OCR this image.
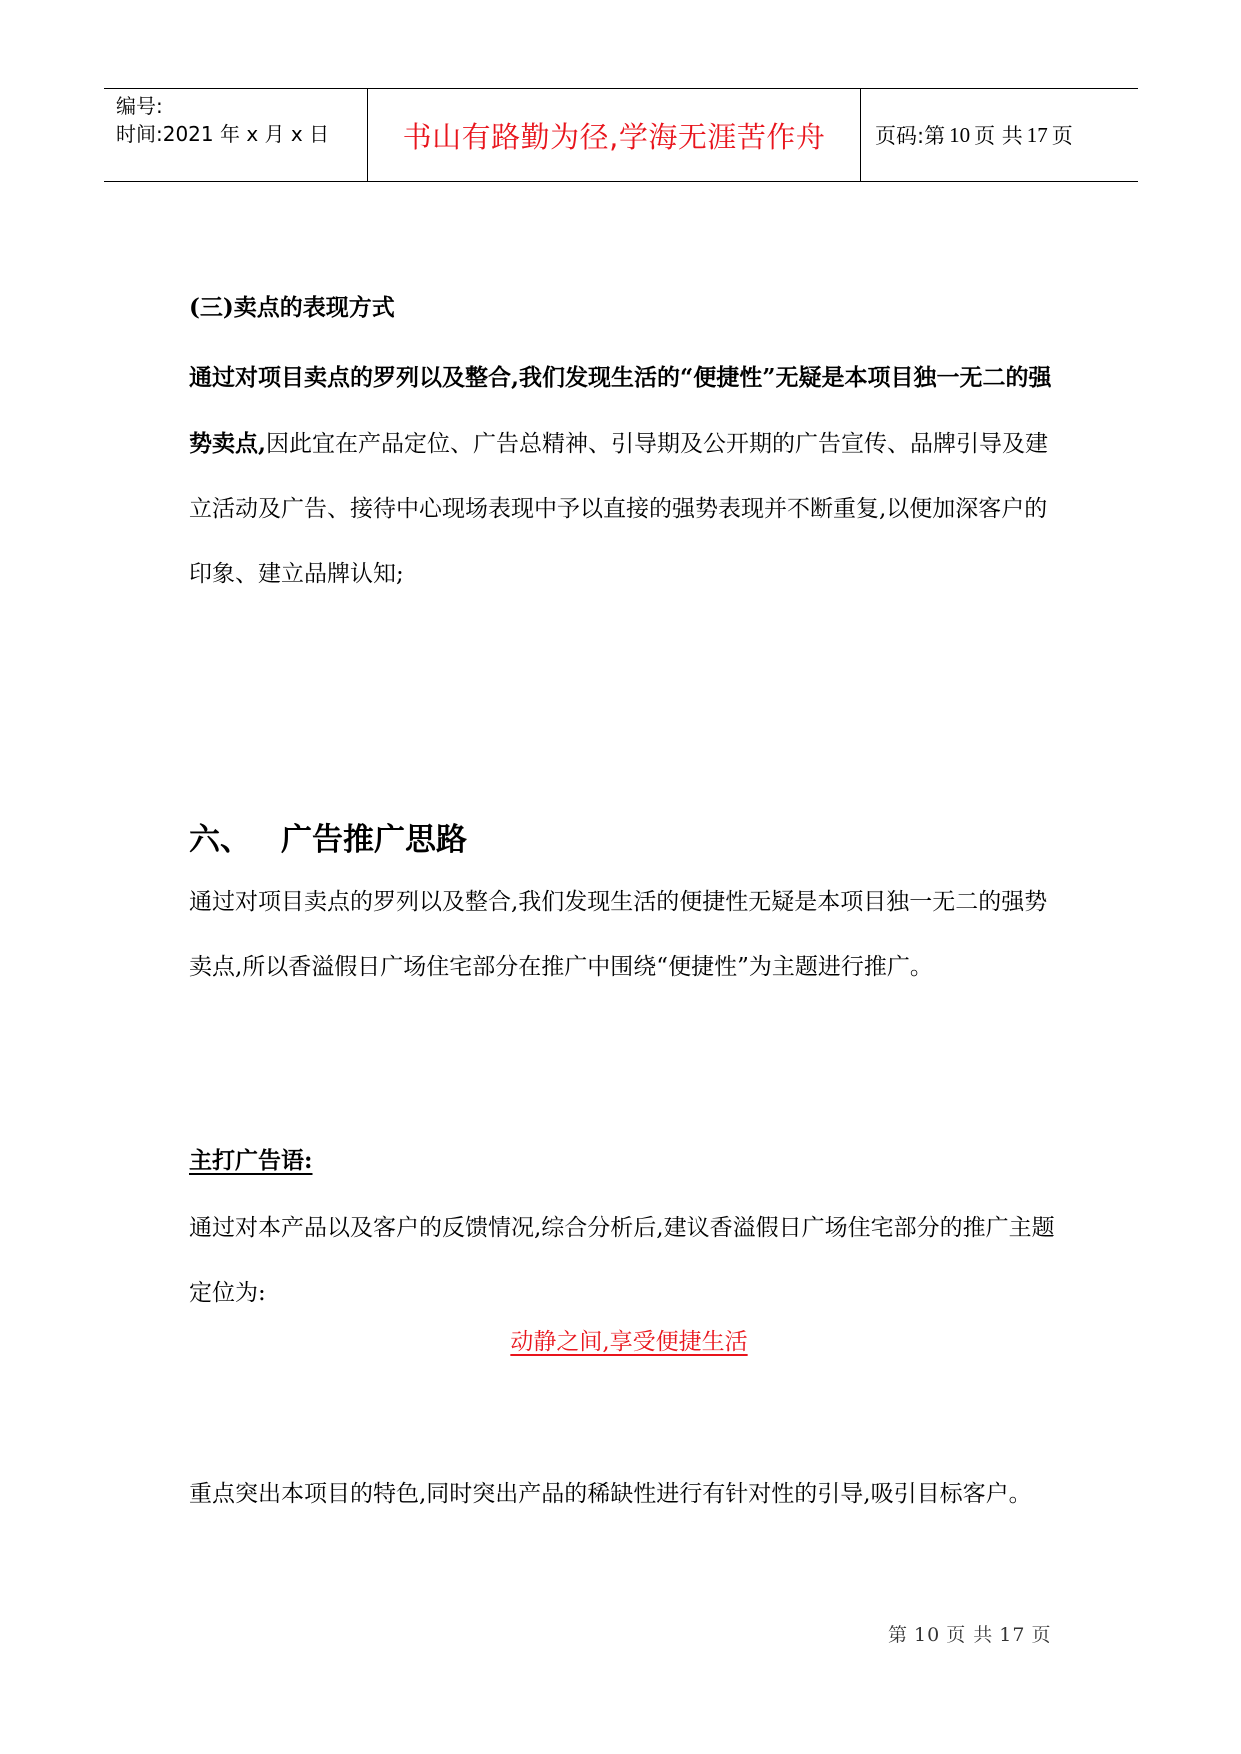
编号:
时间:2021 年 x 月 x 日	书山有路勤为径,学海无涯苦作舟 页码:第 10 页 共 17 页

(三)卖点的表现方式

通过对项目卖点的罗列以及整合,我们发现生活的“便捷性”无疑是本项目独一无二的强势卖点,因此宜在产品定位、广告总精神、引导期及公开期的广告宣传、品牌引导及建立活动及广告、接待中心现场表现中予以直接的强势表现并不断重复,以便加深客户的印象、建立品牌认知;

六、 广告推广思路

通过对项目卖点的罗列以及整合,我们发现生活的便捷性无疑是本项目独一无二的强势卖点,所以香溢假日广场住宅部分在推广中围绕“便捷性”为主题进行推广。

主打广告语:

通过对本产品以及客户的反馈情况,综合分析后,建议香溢假日广场住宅部分的推广主题定位为:

动静之间,享受便捷生活

重点突出本项目的特色,同时突出产品的稀缺性进行有针对性的引导,吸引目标客户。

第 10 页 共 17 页
